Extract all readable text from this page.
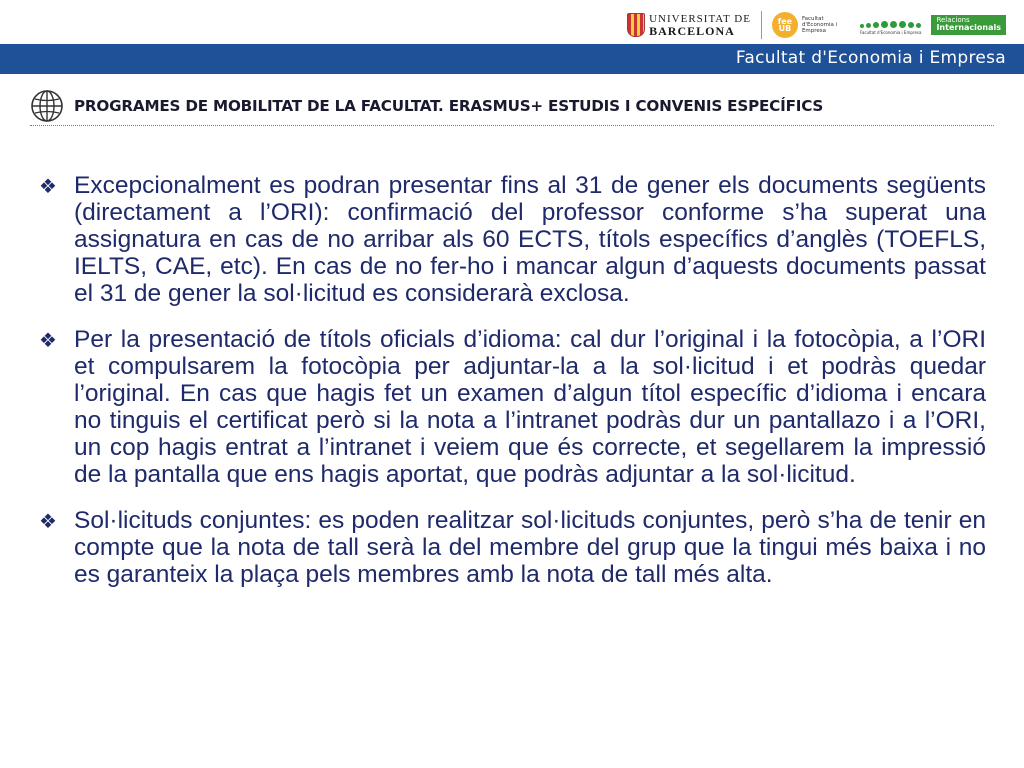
UNIVERSITAT DE
BARCELONA
fee UB
Facultat d'Economia i Empresa	Facultat d'Economia i Empresa
Relacions
Internacionals
Facultat d'Economia i Empresa
PROGRAMES DE MOBILITAT DE LA FACULTAT. ERASMUS+ ESTUDIS I CONVENIS ESPECÍFICS
❖ Excepcionalment es podran presentar fins al 31 de gener els documents següents (directament a l’ORI): confirmació del professor conforme s’ha superat una assignatura en cas de no arribar als 60 ECTS, títols específics d’anglès (TOEFLS, IELTS, CAE, etc). En cas de no fer-ho i mancar algun d’aquests documents passat el 31 de gener la sol·licitud es considerarà exclosa.
❖ Per la presentació de títols oficials d’idioma: cal dur l’original i la fotocòpia, a l’ORI et compulsarem la fotocòpia per adjuntar-la a la sol·licitud i et podràs quedar l’original. En cas que hagis fet un examen d’algun títol específic d’idioma i encara no tinguis el certificat però si la nota a l’intranet podràs dur un pantallazo i a l’ORI, un cop hagis entrat a l’intranet i veiem que és correcte, et segellarem la impressió de la pantalla que ens hagis aportat, que podràs adjuntar a la sol·licitud.
❖ Sol·licituds conjuntes: es poden realitzar sol·licituds conjuntes, però s’ha de tenir en compte que la nota de tall serà la del membre del grup que la tingui més baixa i no es garanteix la plaça pels membres amb la nota de tall més alta.
